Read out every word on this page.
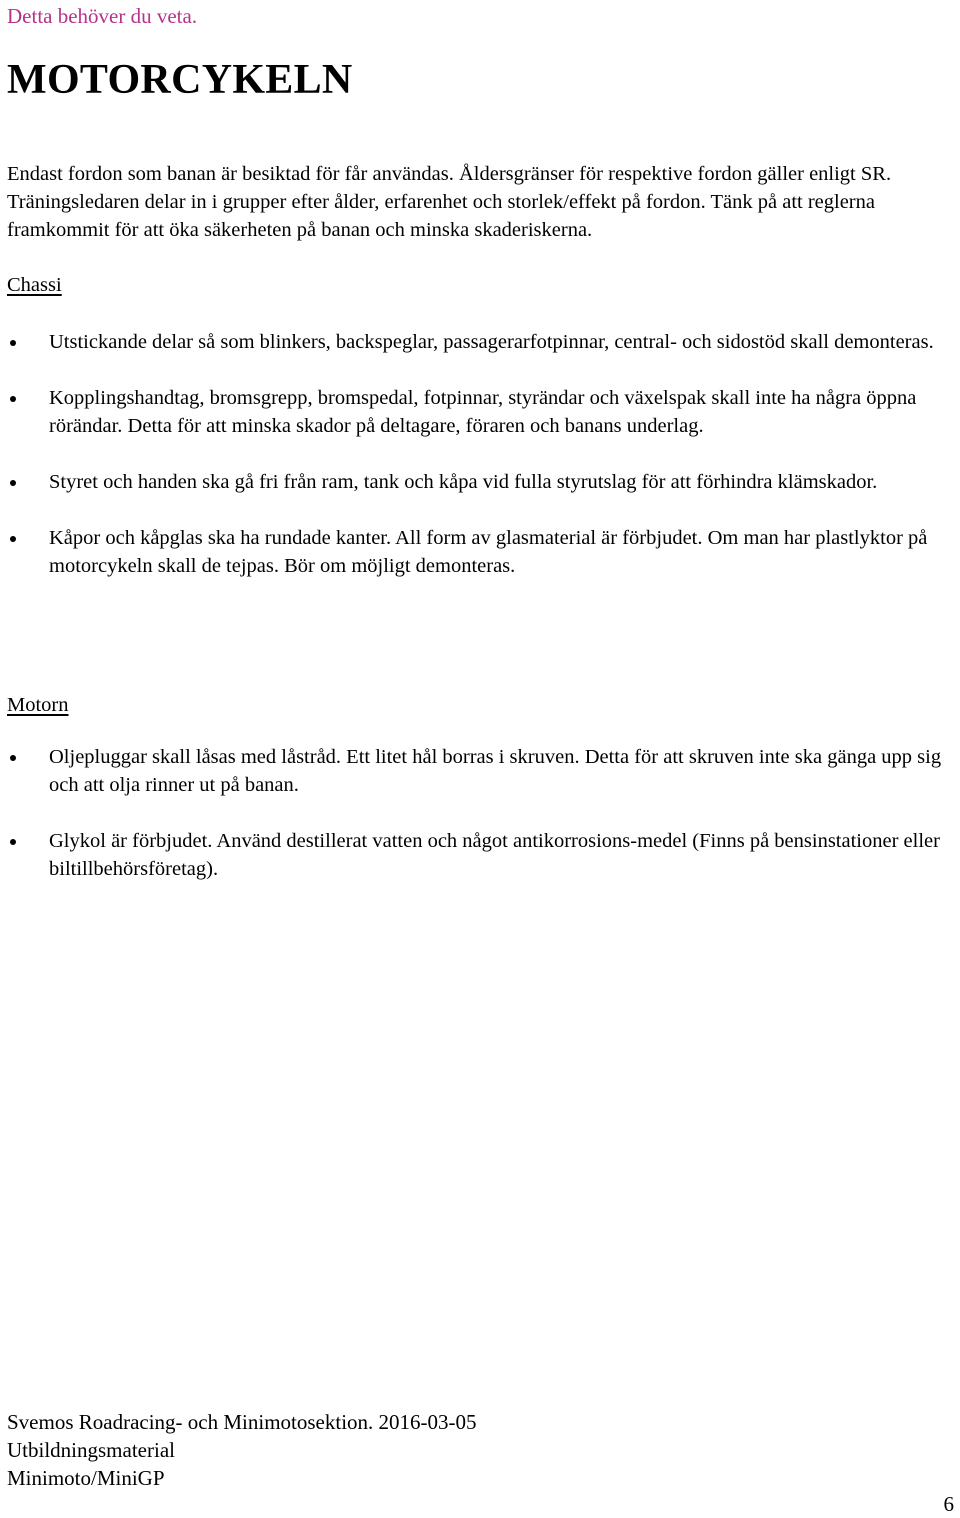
Detta behöver du veta.
MOTORCYKELN

Endast fordon som banan är besiktad för får användas. Åldersgränser för respektive fordon gäller enligt SR. Träningsledaren delar in i grupper efter ålder, erfarenhet och storlek/effekt på fordon. Tänk på att reglerna framkommit för att öka säkerheten på banan och minska skaderiskerna.

Chassi
Utstickande delar så som blinkers, backspeglar, passagerarfotpinnar, central- och sidostöd skall demonteras.
Kopplingshandtag, bromsgrepp, bromspedal, fotpinnar, styrändar och växelspak skall inte ha några öppna rörändar. Detta för att minska skador på deltagare, föraren och banans underlag.
Styret och handen ska gå fri från ram, tank och kåpa vid fulla styrutslag för att förhindra klämskador.
Kåpor och kåpglas ska ha rundade kanter. All form av glasmaterial är förbjudet. Om man har plastlyktor på motorcykeln skall de tejpas. Bör om möjligt demonteras.
Motorn
Oljepluggar skall låsas med låstråd. Ett litet hål borras i skruven. Detta för att skruven inte ska gänga upp sig och att olja rinner ut på banan.
Glykol är förbjudet. Använd destillerat vatten och något antikorrosions-medel (Finns på bensinstationer eller biltillbehörsföretag).
Svemos Roadracing- och Minimotosektion. 2016-03-05
Utbildningsmaterial
Minimoto/MiniGP
6
